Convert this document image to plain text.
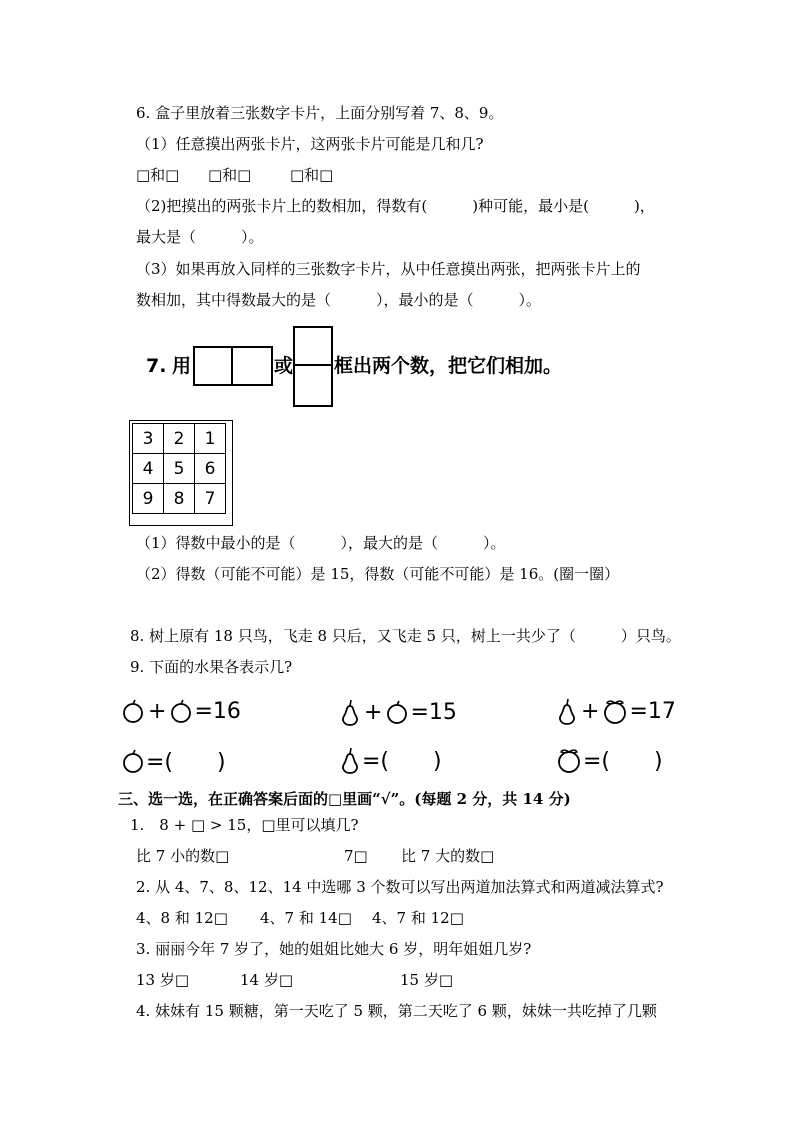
6. 盒子里放着三张数字卡片，上面分别写着 7、8、9。
（1）任意摸出两张卡片，这两张卡片可能是几和几?
□和□ □和□	□和□
（2)把摸出的两张卡片上的数相加，得数有(　　　)种可能，最小是(　　　)，
最大是（　　　）。
（3）如果再放入同样的三张数字卡片，从中任意摸出两张，把两张卡片上的
数相加，其中得数最大的是（　　　），最小的是（　　　）。
7. 用	或 框出两个数，把它们相加。
3	2	1
4	5	6
9	8	7
（1）得数中最小的是（　　　），最大的是（　　　）。
（2）得数（可能不可能）是 15，得数（可能不可能）是 16。(圈一圈）
8. 树上原有 18 只鸟，飞走 8 只后，又飞走 5 只，树上一共少了（　　　）只鸟。
9. 下面的水果各表示几?
+ =16	+ =15	+ =17
=(　　)	=(　　)	=(　　)
三、选一选，在正确答案后面的□里画“√”。(每题 2 分，共 14 分)
1.　8 + □ > 15，□里可以填几?
比 7 小的数□	7□ 比 7 大的数□
2. 从 4、7、8、12、14 中选哪 3 个数可以写出两道加法算式和两道减法算式?
4、8 和 12□ 4、7 和 14□ 4、7 和 12□
3. 丽丽今年 7 岁了，她的姐姐比她大 6 岁，明年姐姐几岁?
13 岁□	14 岁□	15 岁□
4. 妹妹有 15 颗糖，第一天吃了 5 颗，第二天吃了 6 颗，妹妹一共吃掉了几颗
